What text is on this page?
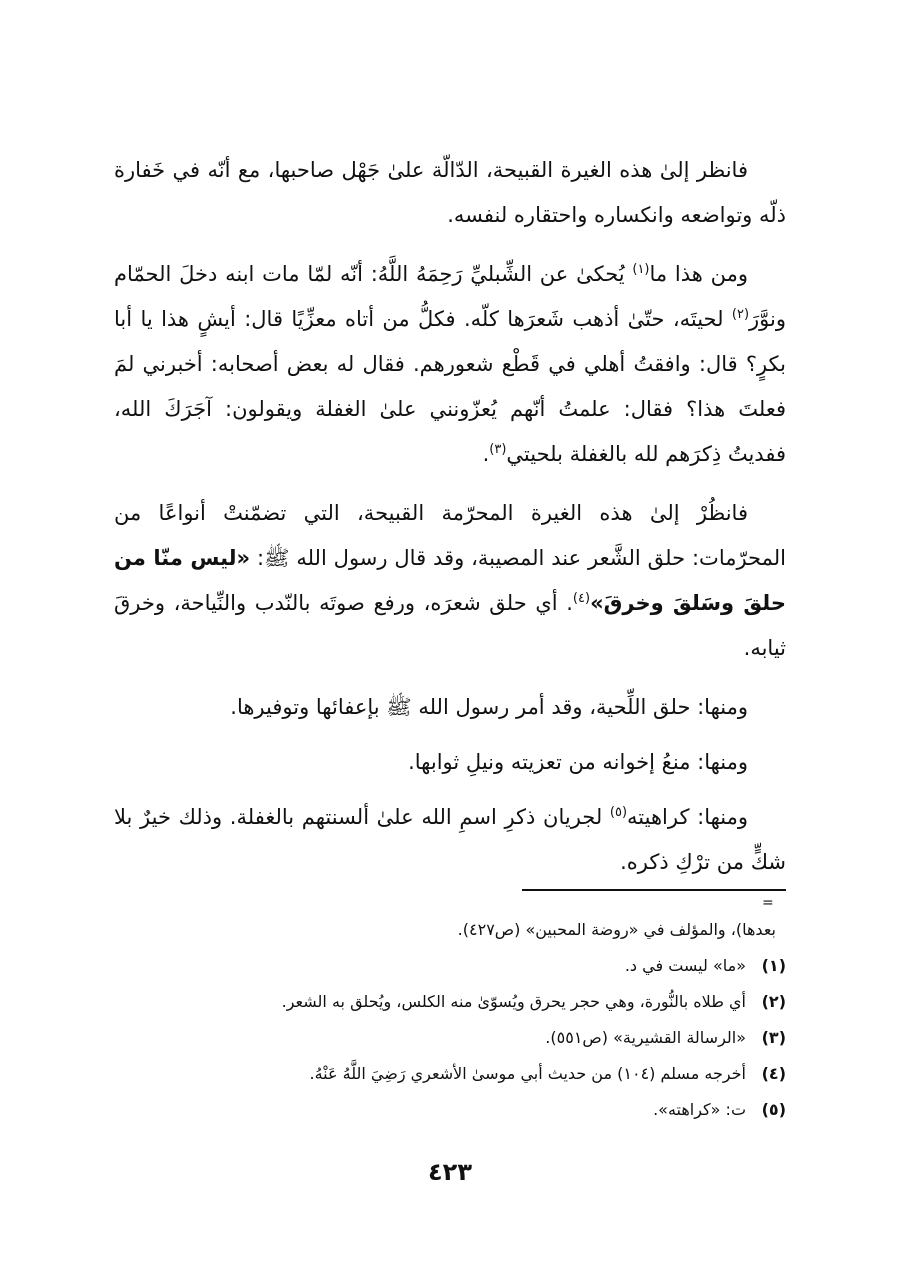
فانظر إلىٰ هذه الغيرة القبيحة، الدّالّة علىٰ جَهْل صاحبها، مع أنّه في خَفارة ذلّه وتواضعه وانكساره واحتقاره لنفسه.

ومن هذا ما$^{(١)}$ يُحكىٰ عن الشِّبليِّ رَحِمَهُ اللَّهُ: أنّه لمّا مات ابنه دخلَ الحمّام ونوَّرَ$^{(٢)}$ لحيتَه، حتّىٰ أذهب شَعرَها كلّه. فكلُّ من أتاه معزِّيًا قال: أيشٍ هذا يا أبا بكرٍ؟ قال: وافقتُ أهلي في قَطْع شعورهم. فقال له بعض أصحابه: أخبرني لمَ فعلتَ هذا؟ فقال: علمتُ أنّهم يُعزّونني علىٰ الغفلة ويقولون: آجَرَكَ الله، ففديتُ ذِكرَهم لله بالغفلة بلحيتي$^{(٣)}$.

فانظُرْ إلىٰ هذه الغيرة المحرّمة القبيحة، التي تضمّنتْ أنواعًا من المحرّمات: حلق الشَّعر عند المصيبة، وقد قال رسول الله ﷺ: «ليس منّا من حلقَ وسَلقَ وخرقَ»$^{(٤)}$. أي حلق شعرَه، ورفع صوتَه بالنّدب والنِّياحة، وخرقَ ثيابه.

ومنها: حلق اللِّحية، وقد أمر رسول الله ﷺ بإعفائها وتوفيرها.

ومنها: منعُ إخوانه من تعزيته ونيلِ ثوابها.

ومنها: كراهيته$^{(٥)}$ لجريان ذكرِ اسمِ الله علىٰ ألسنتهم بالغفلة. وذلك خيرٌ بلا شكٍّ من ترْكِ ذكره.

=

بعدها)، والمؤلف في «روضة المحبين» (ص٤٢٧).

(١)«ما» ليست في د.

(٢)أي طلاه بالنُّورة، وهي حجر يحرق ويُسوّىٰ منه الكلس، ويُحلق به الشعر.

(٣)«الرسالة القشيرية» (ص٥٥١).

(٤)أخرجه مسلم (١٠٤) من حديث أبي موسىٰ الأشعري رَضِيَ اللَّهُ عَنْهُ.

(٥)ت: «كراهته».

٤٢٣
